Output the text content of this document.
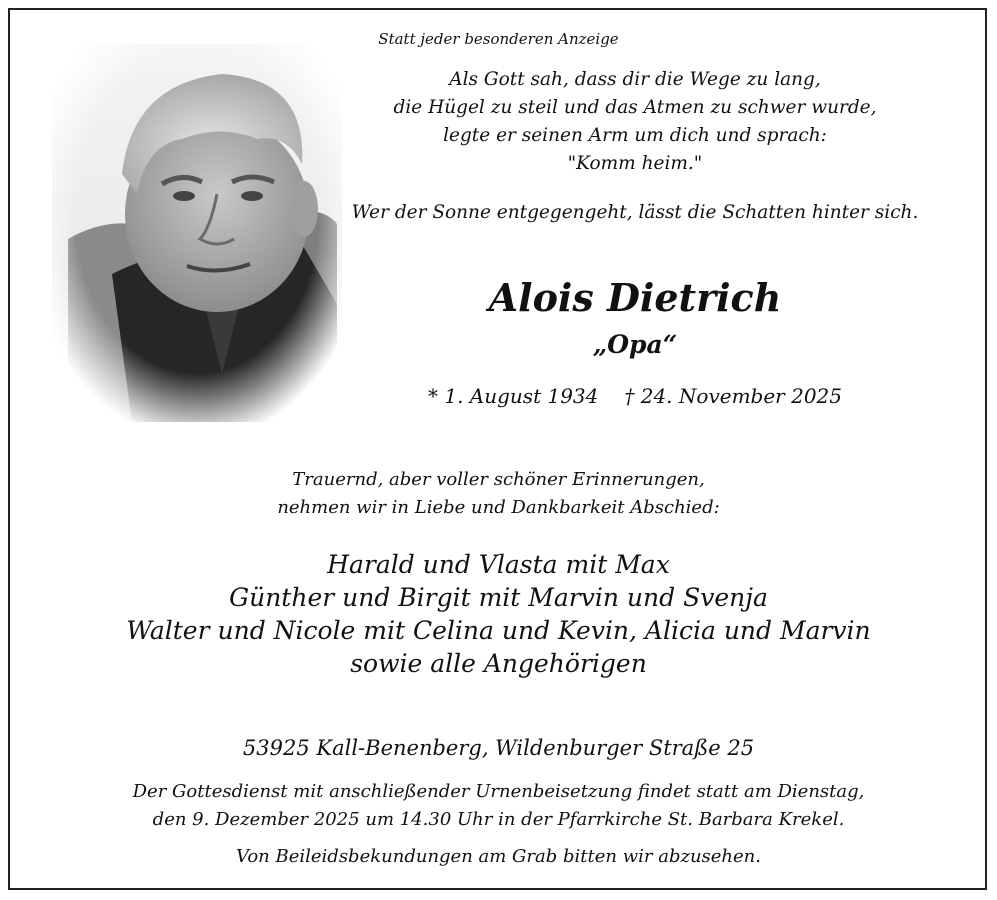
Statt jeder besonderen Anzeige
Als Gott sah, dass dir die Wege zu lang,
die Hügel zu steil und das Atmen zu schwer wurde,
legte er seinen Arm um dich und sprach:
"Komm heim."
Wer der Sonne entgegengeht, lässt die Schatten hinter sich.
Alois Dietrich
„Opa“
* 1. August 1934 † 24. November 2025
Trauernd, aber voller schöner Erinnerungen,
nehmen wir in Liebe und Dankbarkeit Abschied:
Harald und Vlasta mit Max
Günther und Birgit mit Marvin und Svenja
Walter und Nicole mit Celina und Kevin, Alicia und Marvin
sowie alle Angehörigen
53925 Kall-Benenberg, Wildenburger Straße 25
Der Gottesdienst mit anschließender Urnenbeisetzung findet statt am Dienstag,
den 9. Dezember 2025 um 14.30 Uhr in der Pfarrkirche St. Barbara Krekel.
Von Beileidsbekundungen am Grab bitten wir abzusehen.
